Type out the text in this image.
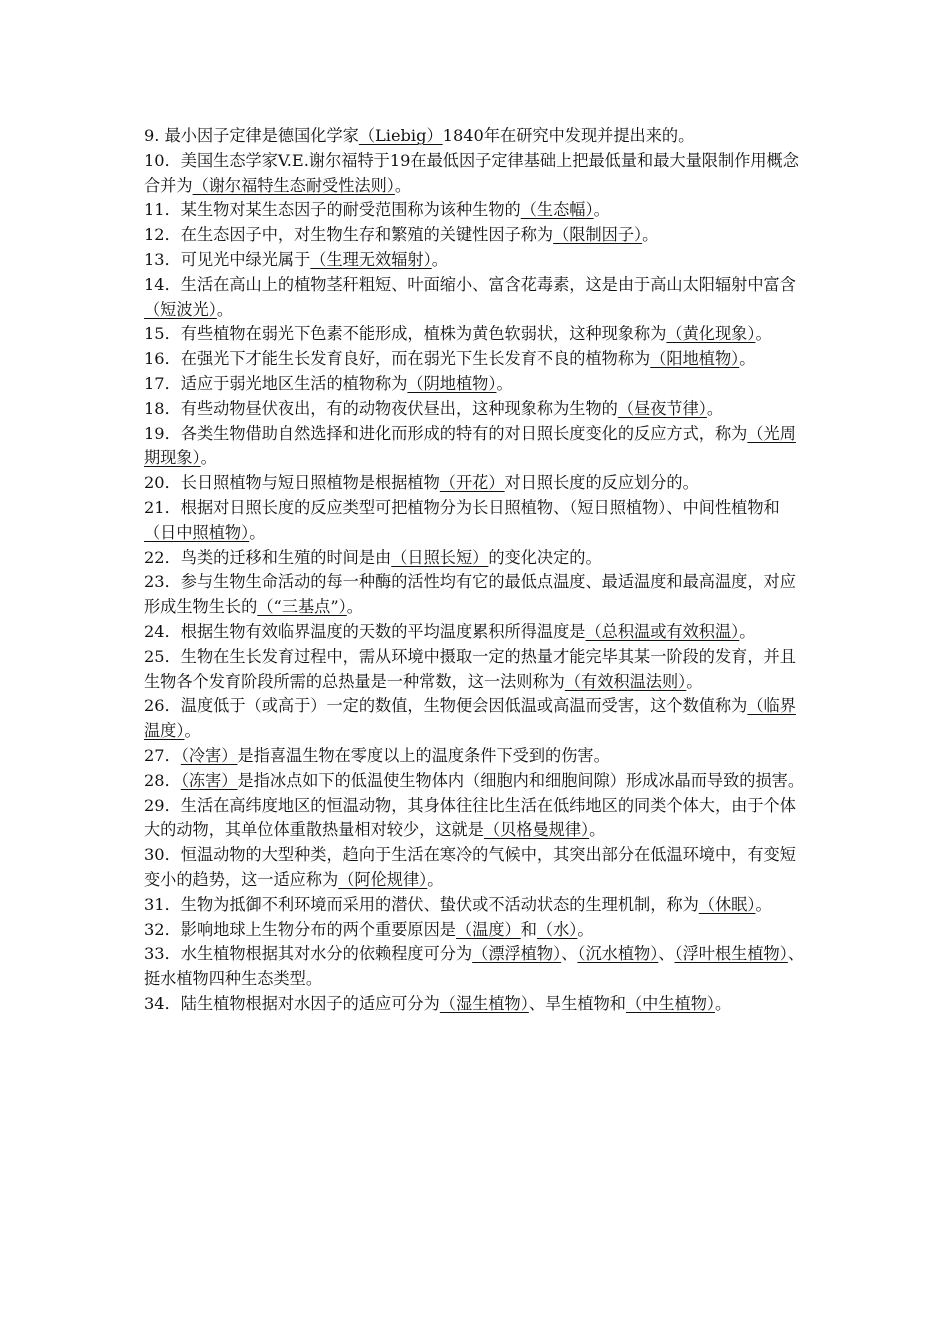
9. 最小因子定律是德国化学家（Liebig）1840年在研究中发现并提出来的。
10．美国生态学家V.E.谢尔福特于19在最低因子定律基础上把最低量和最大量限制作用概念合并为（谢尔福特生态耐受性法则）。
11．某生物对某生态因子的耐受范围称为该种生物的（生态幅）。
12．在生态因子中，对生物生存和繁殖的关键性因子称为（限制因子）。
13．可见光中绿光属于（生理无效辐射）。
14．生活在高山上的植物茎秆粗短、叶面缩小、富含花毒素，这是由于高山太阳辐射中富含（短波光）。
15．有些植物在弱光下色素不能形成，植株为黄色软弱状，这种现象称为（黄化现象）。
16．在强光下才能生长发育良好，而在弱光下生长发育不良的植物称为（阳地植物）。
17．适应于弱光地区生活的植物称为（阴地植物）。
18．有些动物昼伏夜出，有的动物夜伏昼出，这种现象称为生物的（昼夜节律）。
19．各类生物借助自然选择和进化而形成的特有的对日照长度变化的反应方式，称为（光周期现象）。
20．长日照植物与短日照植物是根据植物（开花）对日照长度的反应划分的。
21．根据对日照长度的反应类型可把植物分为长日照植物、（短日照植物）、中间性植物和（日中照植物）。
22．鸟类的迁移和生殖的时间是由（日照长短）的变化决定的。
23．参与生物生命活动的每一种酶的活性均有它的最低点温度、最适温度和最高温度，对应形成生物生长的（“三基点”）。
24．根据生物有效临界温度的天数的平均温度累积所得温度是（总积温或有效积温）。
25．生物在生长发育过程中，需从环境中摄取一定的热量才能完毕其某一阶段的发育，并且生物各个发育阶段所需的总热量是一种常数，这一法则称为（有效积温法则）。
26．温度低于（或高于）一定的数值，生物便会因低温或高温而受害，这个数值称为（临界温度）。
27．（冷害）是指喜温生物在零度以上的温度条件下受到的伤害。
28．（冻害）是指冰点如下的低温使生物体内（细胞内和细胞间隙）形成冰晶而导致的损害。
29．生活在高纬度地区的恒温动物，其身体往往比生活在低纬地区的同类个体大，由于个体大的动物，其单位体重散热量相对较少，这就是（贝格曼规律）。
30．恒温动物的大型种类，趋向于生活在寒冷的气候中，其突出部分在低温环境中，有变短变小的趋势，这一适应称为（阿伦规律）。
31．生物为抵御不利环境而采用的潜伏、蛰伏或不活动状态的生理机制，称为（休眠）。
32．影响地球上生物分布的两个重要原因是（温度）和（水）。
33．水生植物根据其对水分的依赖程度可分为（漂浮植物）、（沉水植物）、（浮叶根生植物）、挺水植物四种生态类型。
34．陆生植物根据对水因子的适应可分为（湿生植物）、旱生植物和（中生植物）。
